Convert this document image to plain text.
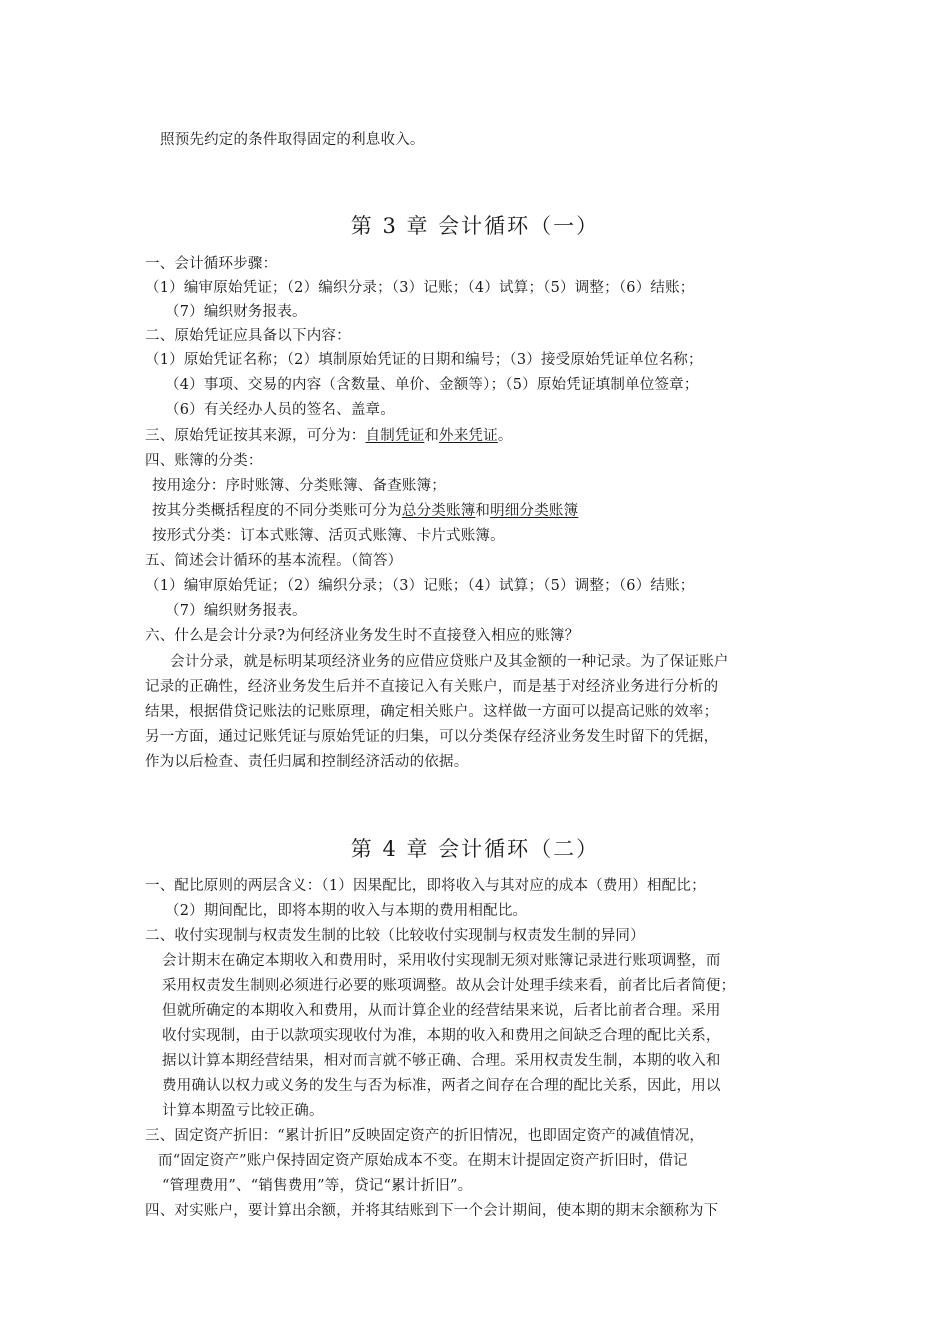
照预先约定的条件取得固定的利息收入。
第 3 章 会计循环（一）
一、会计循环步骤：
（1）编审原始凭证；（2）编织分录；（3）记账；（4）试算；（5）调整；（6）结账；
（7）编织财务报表。
二、原始凭证应具备以下内容：
（1）原始凭证名称；（2）填制原始凭证的日期和编号；（3）接受原始凭证单位名称；
（4）事项、交易的内容（含数量、单价、金额等）；（5）原始凭证填制单位签章；
（6）有关经办人员的签名、盖章。
三、原始凭证按其来源，可分为：自制凭证和外来凭证。
四、账簿的分类：
按用途分：序时账簿、分类账簿、备查账簿；
按其分类概括程度的不同分类账可分为总分类账簿和明细分类账簿
按形式分类：订本式账簿、活页式账簿、卡片式账簿。
五、简述会计循环的基本流程。（简答）
（1）编审原始凭证；（2）编织分录；（3）记账；（4）试算；（5）调整；（6）结账；
（7）编织财务报表。
六、什么是会计分录?为何经济业务发生时不直接登入相应的账簿？
会计分录，就是标明某项经济业务的应借应贷账户及其金额的一种记录。为了保证账户
记录的正确性，经济业务发生后并不直接记入有关账户，而是基于对经济业务进行分析的
结果，根据借贷记账法的记账原理，确定相关账户。这样做一方面可以提高记账的效率；
另一方面，通过记账凭证与原始凭证的归集，可以分类保存经济业务发生时留下的凭据，
作为以后检查、责任归属和控制经济活动的依据。
第 4 章 会计循环（二）
一、配比原则的两层含义：（1）因果配比，即将收入与其对应的成本（费用）相配比；
（2）期间配比，即将本期的收入与本期的费用相配比。
二、收付实现制与权责发生制的比较（比较收付实现制与权责发生制的异同）
会计期末在确定本期收入和费用时，采用收付实现制无须对账簿记录进行账项调整，而
采用权责发生制则必须进行必要的账项调整。故从会计处理手续来看，前者比后者简便；
但就所确定的本期收入和费用，从而计算企业的经营结果来说，后者比前者合理。采用
收付实现制，由于以款项实现收付为准，本期的收入和费用之间缺乏合理的配比关系，
据以计算本期经营结果，相对而言就不够正确、合理。采用权责发生制，本期的收入和
费用确认以权力或义务的发生与否为标准，两者之间存在合理的配比关系，因此，用以
计算本期盈亏比较正确。
三、固定资产折旧：“累计折旧”反映固定资产的折旧情况，也即固定资产的减值情况，
而“固定资产”账户保持固定资产原始成本不变。在期末计提固定资产折旧时，借记
“管理费用”、“销售费用”等，贷记“累计折旧”。
四、对实账户，要计算出余额，并将其结账到下一个会计期间，使本期的期末余额称为下
